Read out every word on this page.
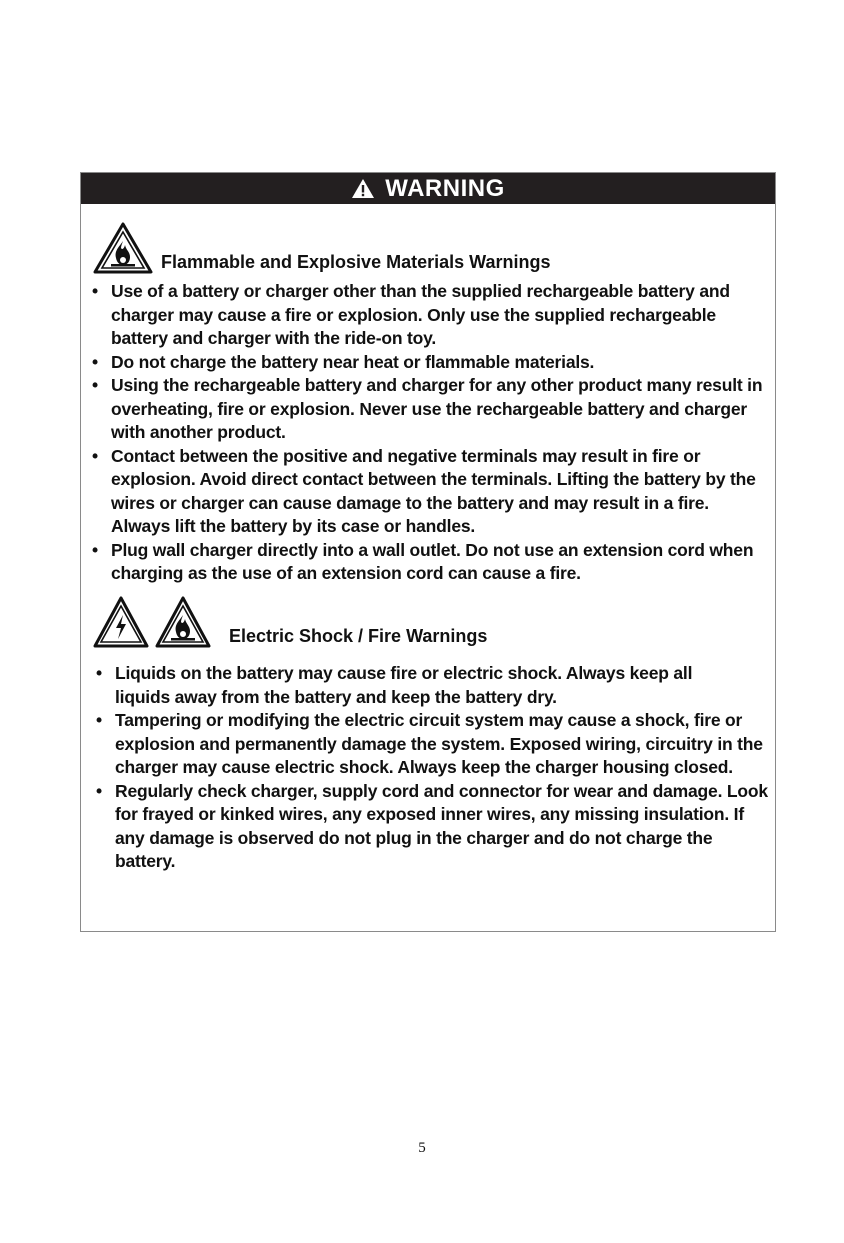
WARNING
Flammable and Explosive Materials Warnings
• Use of a battery or charger other than the supplied rechargeable battery and charger may cause a fire or explosion. Only use the supplied rechargeable battery and charger with the ride-on toy.
• Do not charge the battery near heat or flammable materials.
• Using the rechargeable battery and charger for any other product many result in overheating, fire or explosion. Never use the rechargeable battery and charger with another product.
• Contact between the positive and negative terminals may result in fire or explosion. Avoid direct contact between the terminals. Lifting the battery by the wires or charger can cause damage to the battery and may result in a fire. Always lift the battery by its case or handles.
• Plug wall charger directly into a wall outlet. Do not use an extension cord when charging as the use of an extension cord can cause a fire.
Electric Shock / Fire Warnings
• Liquids on the battery may cause fire or electric shock. Always keep all liquids away from the battery and keep the battery dry.
• Tampering or modifying the electric circuit system may cause a shock, fire or explosion and permanently damage the system. Exposed wiring, circuitry in the charger may cause electric shock. Always keep the charger housing closed.
• Regularly check charger, supply cord and connector for wear and damage. Look for frayed or kinked wires, any exposed inner wires, any missing insulation. If any damage is observed do not plug in the charger and do not charge the battery.
5
